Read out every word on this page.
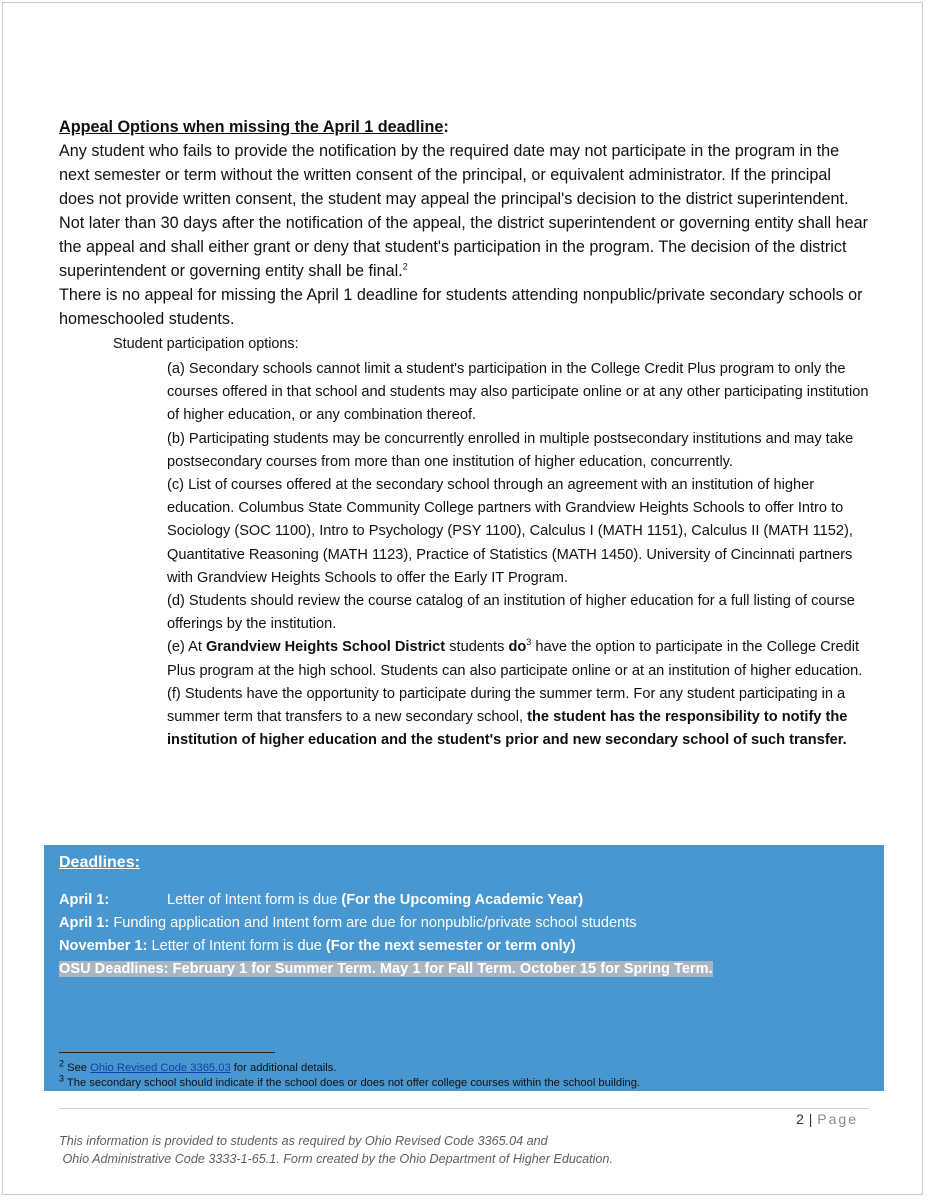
Appeal Options when missing the April 1 deadline:

Any student who fails to provide the notification by the required date may not participate in the program in the next semester or term without the written consent of the principal, or equivalent administrator. If the principal does not provide written consent, the student may appeal the principal's decision to the district superintendent. Not later than 30 days after the notification of the appeal, the district superintendent or governing entity shall hear the appeal and shall either grant or deny that student's participation in the program. The decision of the district superintendent or governing entity shall be final.$^2$

There is no appeal for missing the April 1 deadline for students attending nonpublic/private secondary schools or homeschooled students.

Student participation options:

(a) Secondary schools cannot limit a student's participation in the College Credit Plus program to only the courses offered in that school and students may also participate online or at any other participating institution of higher education, or any combination thereof.

(b) Participating students may be concurrently enrolled in multiple postsecondary institutions and may take postsecondary courses from more than one institution of higher education, concurrently.

(c) List of courses offered at the secondary school through an agreement with an institution of higher education. Columbus State Community College partners with Grandview Heights Schools to offer Intro to Sociology (SOC 1100), Intro to Psychology (PSY 1100), Calculus I (MATH 1151), Calculus II (MATH 1152), Quantitative Reasoning (MATH 1123), Practice of Statistics (MATH 1450). University of Cincinnati partners with Grandview Heights Schools to offer the Early IT Program.

(d) Students should review the course catalog of an institution of higher education for a full listing of course offerings by the institution.

(e) At Grandview Heights School District students $do^3$ have the option to participate in the College Credit Plus program at the high school. Students can also participate online or at an institution of higher education.

(f) Students have the opportunity to participate during the summer term. For any student participating in a summer term that transfers to a new secondary school, the student has the responsibility to notify the institution of higher education and the student's prior and new secondary school of such transfer.

Deadlines:

April 1:	Letter of Intent form is due (For the Upcoming Academic Year)

April 1: Funding application and Intent form are due for nonpublic/private school students

November 1: Letter of Intent form is due (For the next semester or term only)

OSU Deadlines: February 1 for Summer Term. May 1 for Fall Term. October 15 for Spring Term.

$^2$ See Ohio Revised Code 3365.03 for additional details.

$^3$ The secondary school should indicate if the school does or does not offer college courses within the school building.

2 | Page

This information is provided to students as required by Ohio Revised Code 3365.04 and

Ohio Administrative Code 3333-1-65.1. Form created by the Ohio Department of Higher Education.
